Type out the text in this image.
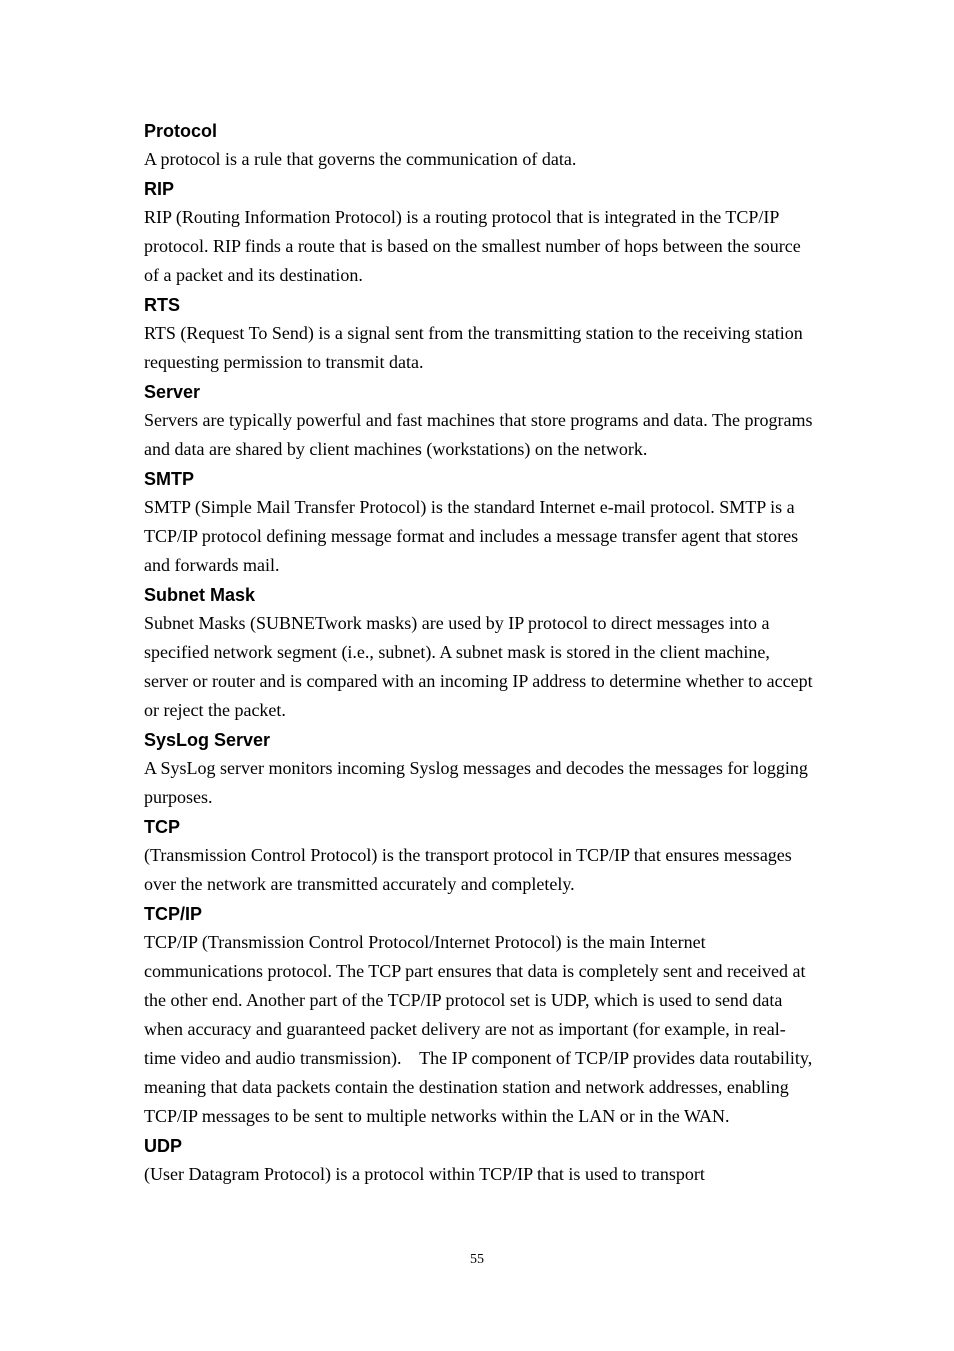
Protocol
A protocol is a rule that governs the communication of data.
RIP
RIP (Routing Information Protocol) is a routing protocol that is integrated in the TCP/IP protocol. RIP finds a route that is based on the smallest number of hops between the source of a packet and its destination.
RTS
RTS (Request To Send) is a signal sent from the transmitting station to the receiving station requesting permission to transmit data.
Server
Servers are typically powerful and fast machines that store programs and data. The programs and data are shared by client machines (workstations) on the network.
SMTP
SMTP (Simple Mail Transfer Protocol) is the standard Internet e-mail protocol. SMTP is a TCP/IP protocol defining message format and includes a message transfer agent that stores and forwards mail.
Subnet Mask
Subnet Masks (SUBNETwork masks) are used by IP protocol to direct messages into a specified network segment (i.e., subnet). A subnet mask is stored in the client machine, server or router and is compared with an incoming IP address to determine whether to accept or reject the packet.
SysLog Server
A SysLog server monitors incoming Syslog messages and decodes the messages for logging purposes.
TCP
(Transmission Control Protocol) is the transport protocol in TCP/IP that ensures messages over the network are transmitted accurately and completely.
TCP/IP
TCP/IP (Transmission Control Protocol/Internet Protocol) is the main Internet communications protocol. The TCP part ensures that data is completely sent and received at the other end. Another part of the TCP/IP protocol set is UDP, which is used to send data when accuracy and guaranteed packet delivery are not as important (for example, in real-time video and audio transmission).    The IP component of TCP/IP provides data routability, meaning that data packets contain the destination station and network addresses, enabling TCP/IP messages to be sent to multiple networks within the LAN or in the WAN.
UDP
(User Datagram Protocol) is a protocol within TCP/IP that is used to transport
55
